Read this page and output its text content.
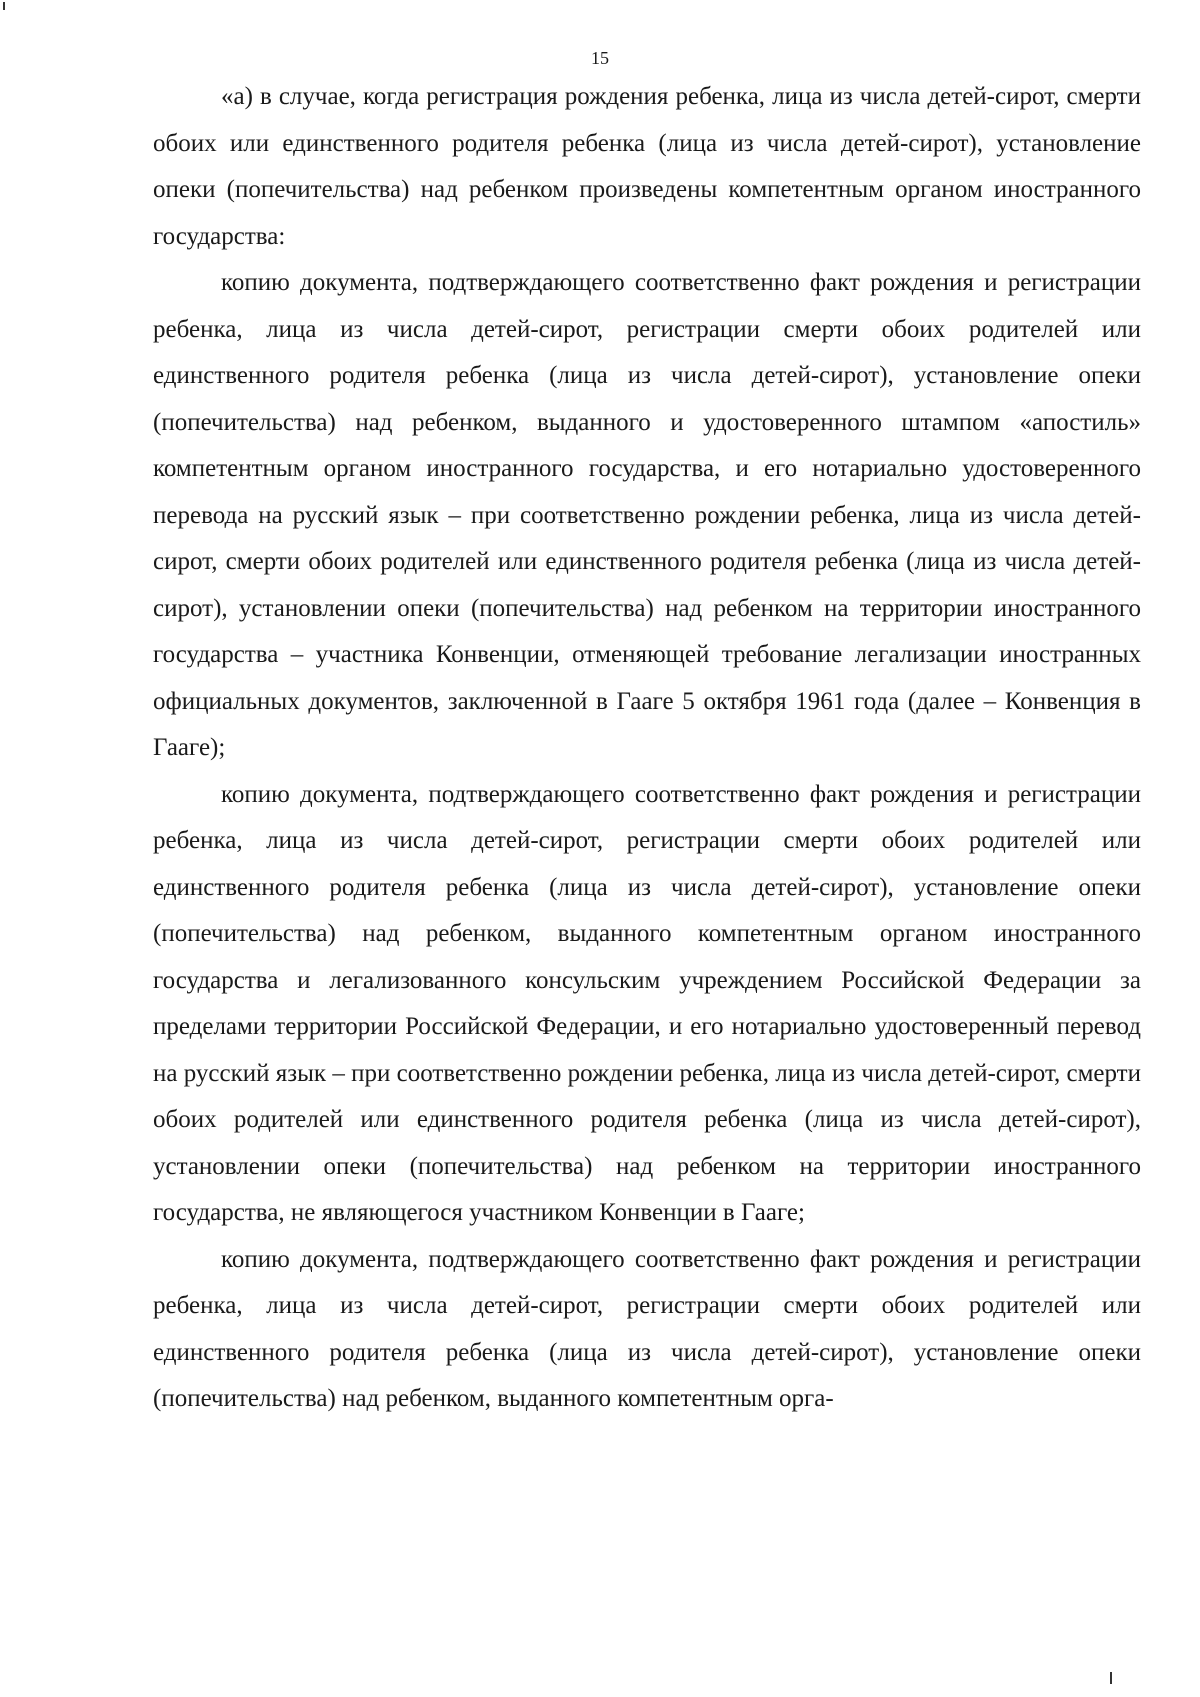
15

«а) в случае, когда регистрация рождения ребенка, лица из числа детей-сирот, смерти обоих или единственного родителя ребенка (лица из числа детей-сирот), установление опеки (попечительства) над ребенком произведены компетентным органом иностранного государства:

копию документа, подтверждающего соответственно факт рождения и регистрации ребенка, лица из числа детей-сирот, регистрации смерти обоих родителей или единственного родителя ребенка (лица из числа детей-сирот), установление опеки (попечительства) над ребенком, выданного и удостоверенного штампом «апостиль» компетентным органом иностранного государства, и его нотариально удостоверенного перевода на русский язык – при соответственно рождении ребенка, лица из числа детей-сирот, смерти обоих родителей или единственного родителя ребенка (лица из числа детей-сирот), установлении опеки (попечительства) над ребенком на территории иностранного государства – участника Конвенции, отменяющей требование легализации иностранных официальных документов, заключенной в Гааге 5 октября 1961 года (далее – Конвенция в Гааге);

копию документа, подтверждающего соответственно факт рождения и регистрации ребенка, лица из числа детей-сирот, регистрации смерти обоих родителей или единственного родителя ребенка (лица из числа детей-сирот), установление опеки (попечительства) над ребенком, выданного компетентным органом иностранного государства и легализованного консульским учреждением Российской Федерации за пределами территории Российской Федерации, и его нотариально удостоверенный перевод на русский язык – при соответственно рождении ребенка, лица из числа детей-сирот, смерти обоих родителей или единственного родителя ребенка (лица из числа детей-сирот), установлении опеки (попечительства) над ребенком на территории иностранного государства, не являющегося участником Конвенции в Гааге;

копию документа, подтверждающего соответственно факт рождения и регистрации ребенка, лица из числа детей-сирот, регистрации смерти обоих родителей или единственного родителя ребенка (лица из числа детей-сирот), установление опеки (попечительства) над ребенком, выданного компетентным орга-
